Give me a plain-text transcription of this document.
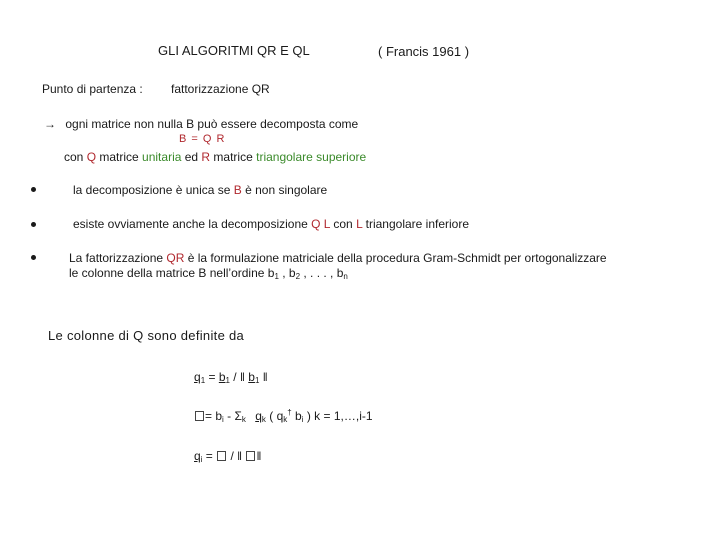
GLI ALGORITMI QR E QL	( Francis 1961 )
Punto di partenza : fattorizzazione QR
→ ogni matrice non nulla B può essere decomposta come
B = Q R
con Q matrice unitaria ed R matrice triangolare superiore
la decomposizione è unica se B è non singolare
esiste ovviamente anche la decomposizione Q L con L triangolare inferiore
La fattorizzazione QR è la formulazione matriciale della procedura Gram-Schmidt per ortogonalizzare
le colonne della matrice B nell’ordine $b_1$ , $b_2$ , . . . , $b_n$
Le colonne di Q sono definite da
$q_1 = b_1$ / ‖ $b_1$ ‖
= $b_i - \Sigma_k$ $q_k$ ( $q_k^\dagger$ $b_i$ ) k = 1,…,i-1
$q_i$ =  / ‖ ‖
